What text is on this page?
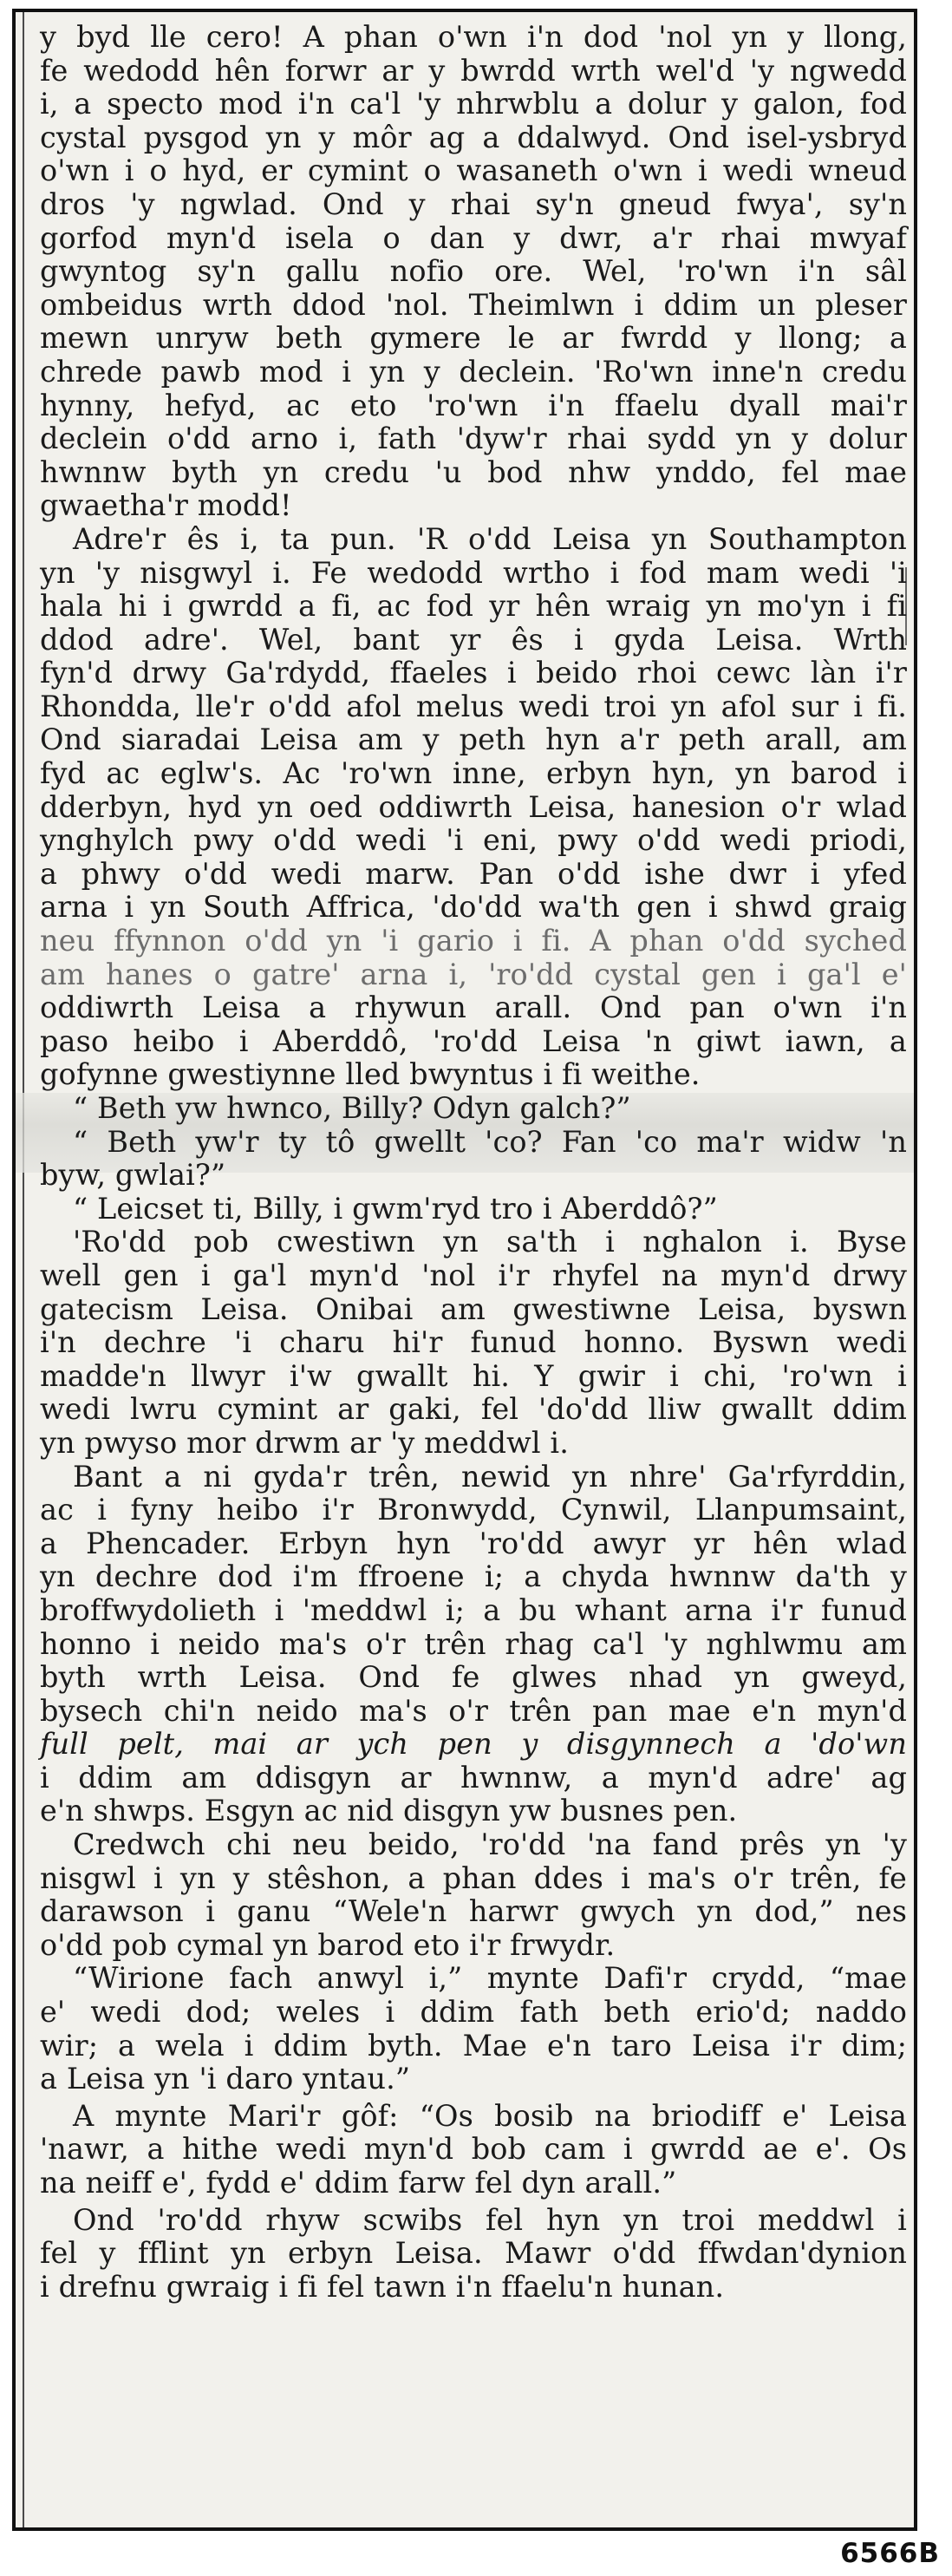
y byd lle cero! A phan o'wn i'n dod 'nol yn y llong,
fe wedodd hên forwr ar y bwrdd wrth wel'd 'y ngwedd
i, a specto mod i'n ca'l 'y nhrwblu a dolur y galon, fod
cystal pysgod yn y môr ag a ddalwyd. Ond isel-ysbryd
o'wn i o hyd, er cymint o wasaneth o'wn i wedi wneud
dros 'y ngwlad. Ond y rhai sy'n gneud fwya', sy'n
gorfod myn'd isela o dan y dwr, a'r rhai mwyaf
gwyntog sy'n gallu nofio ore. Wel, 'ro'wn i'n sâl
ombeidus wrth ddod 'nol. Theimlwn i ddim un pleser
mewn unryw beth gymere le ar fwrdd y llong; a
chrede pawb mod i yn y declein. 'Ro'wn inne'n credu
hynny, hefyd, ac eto 'ro'wn i'n ffaelu dyall mai'r
declein o'dd arno i, fath 'dyw'r rhai sydd yn y dolur
hwnnw byth yn credu 'u bod nhw ynddo, fel mae
gwaetha'r modd!

Adre'r ês i, ta pun. 'R o'dd Leisa yn Southampton
yn 'y nisgwyl i. Fe wedodd wrtho i fod mam wedi 'i
hala hi i gwrdd a fi, ac fod yr hên wraig yn mo'yn i fi
ddod adre'. Wel, bant yr ês i gyda Leisa. Wrth
fyn'd drwy Ga'rdydd, ffaeles i beido rhoi cewc làn i'r
Rhondda, lle'r o'dd afol melus wedi troi yn afol sur i fi.
Ond siaradai Leisa am y peth hyn a'r peth arall, am
fyd ac eglw's. Ac 'ro'wn inne, erbyn hyn, yn barod i
dderbyn, hyd yn oed oddiwrth Leisa, hanesion o'r wlad
ynghylch pwy o'dd wedi 'i eni, pwy o'dd wedi priodi,
a phwy o'dd wedi marw. Pan o'dd ishe dwr i yfed
arna i yn South Affrica, 'do'dd wa'th gen i shwd graig
neu ffynnon o'dd yn 'i gario i fi. A phan o'dd syched
am hanes o gatre' arna i, 'ro'dd cystal gen i ga'l e'
oddiwrth Leisa a rhywun arall. Ond pan o'wn i'n
paso heibo i Aberddô, 'ro'dd Leisa 'n giwt iawn, a
gofynne gwestiynne lled bwyntus i fi weithe.

“ Beth yw hwnco, Billy? Odyn galch?”

“ Beth yw'r ty tô gwellt 'co? Fan 'co ma'r widw 'n
byw, gwlai?”

“ Leicset ti, Billy, i gwm'ryd tro i Aberddô?”

'Ro'dd pob cwestiwn yn sa'th i nghalon i. Byse
well gen i ga'l myn'd 'nol i'r rhyfel na myn'd drwy
gatecism Leisa. Onibai am gwestiwne Leisa, byswn
i'n dechre 'i charu hi'r funud honno. Byswn wedi
madde'n llwyr i'w gwallt hi. Y gwir i chi, 'ro'wn i
wedi lwru cymint ar gaki, fel 'do'dd lliw gwallt ddim
yn pwyso mor drwm ar 'y meddwl i.

Bant a ni gyda'r trên, newid yn nhre' Ga'rfyrddin,
ac i fyny heibo i'r Bronwydd, Cynwil, Llanpumsaint,
a Phencader. Erbyn hyn 'ro'dd awyr yr hên wlad
yn dechre dod i'm ffroene i; a chyda hwnnw da'th y
broffwydolieth i 'meddwl i; a bu whant arna i'r funud
honno i neido ma's o'r trên rhag ca'l 'y nghlwmu am
byth wrth Leisa. Ond fe glwes nhad yn gweyd,
bysech chi'n neido ma's o'r trên pan mae e'n myn'd
full pelt, mai ar ych pen y disgynnech a 'do'wn
i ddim am ddisgyn ar hwnnw, a myn'd adre' ag
e'n shwps. Esgyn ac nid disgyn yw busnes pen.

Credwch chi neu beido, 'ro'dd 'na fand prês yn 'y
nisgwl i yn y stêshon, a phan ddes i ma's o'r trên, fe
darawson i ganu “Wele'n harwr gwych yn dod,” nes
o'dd pob cymal yn barod eto i'r frwydr.

“Wirione fach anwyl i,” mynte Dafi'r crydd, “mae
e' wedi dod; weles i ddim fath beth erio'd; naddo
wir; a wela i ddim byth. Mae e'n taro Leisa i'r dim;
a Leisa yn 'i daro yntau.”

A mynte Mari'r gôf: “Os bosib na briodiff e' Leisa
'nawr, a hithe wedi myn'd bob cam i gwrdd ae e'. Os
na neiff e', fydd e' ddim farw fel dyn arall.”

Ond 'ro'dd rhyw scwibs fel hyn yn troi meddwl i
fel y fflint yn erbyn Leisa. Mawr o'dd ffwdan'dynion
i drefnu gwraig i fi fel tawn i'n ffaelu'n hunan.

6566B
